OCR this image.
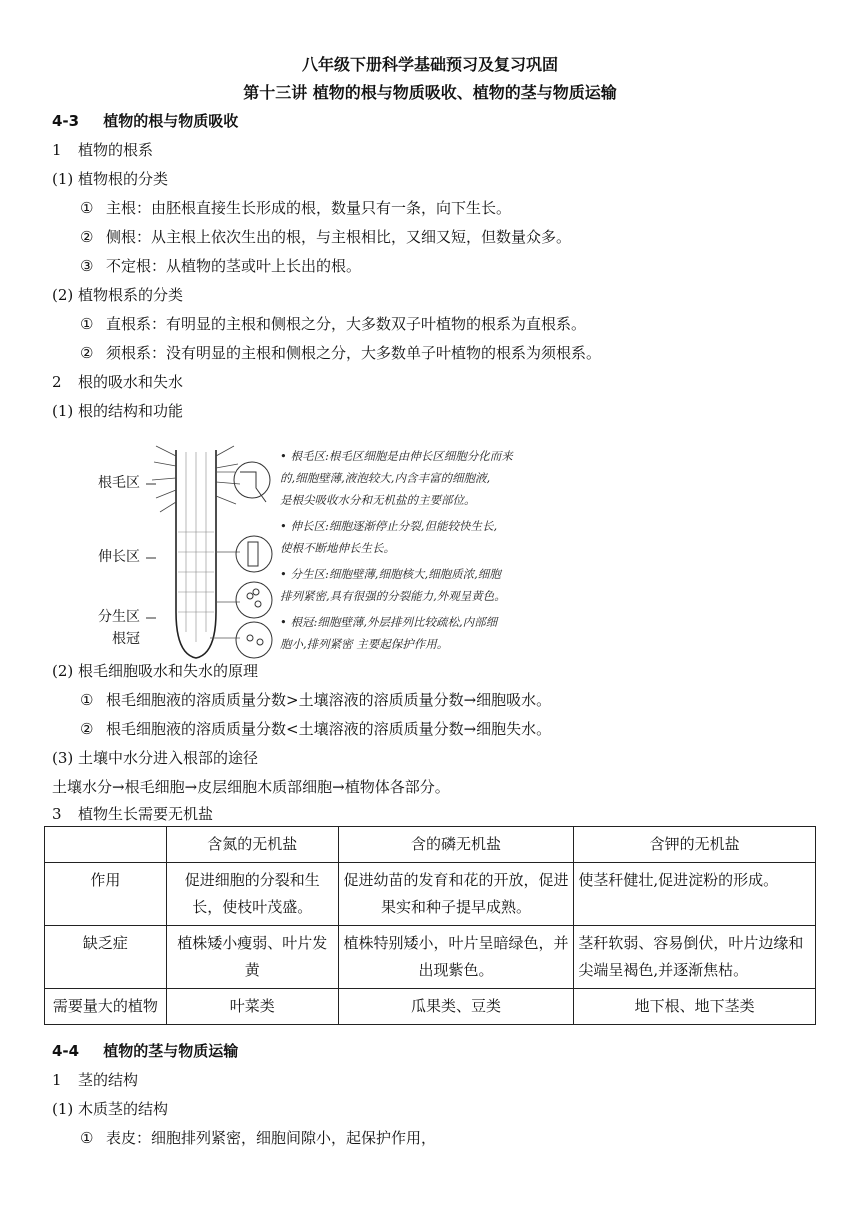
八年级下册科学基础预习及复习巩固
第十三讲 植物的根与物质吸收、植物的茎与物质运输
4-3 植物的根与物质吸收
1 植物的根系
(1) 植物根的分类
① 主根：由胚根直接生长形成的根，数量只有一条，向下生长。
② 侧根：从主根上依次生出的根，与主根相比，又细又短，但数量众多。
③ 不定根：从植物的茎或叶上长出的根。
(2) 植物根系的分类
① 直根系：有明显的主根和侧根之分，大多数双子叶植物的根系为直根系。
② 须根系：没有明显的主根和侧根之分，大多数单子叶植物的根系为须根系。
2 根的吸水和失水
(1) 根的结构和功能
根毛区
伸长区
分生区
根冠
• 根毛区:根毛区细胞是由伸长区细胞分化而来
的,细胞壁薄,液泡较大,内含丰富的细胞液,
是根尖吸收水分和无机盐的主要部位。
• 伸长区:细胞逐渐停止分裂,但能较快生长,
使根不断地伸长生长。
• 分生区:细胞壁薄,细胞核大,细胞质浓,细胞
排列紧密,具有很强的分裂能力,外观呈黄色。
• 根冠:细胞壁薄,外层排列比较疏松,内部细
胞小,排列紧密 主要起保护作用。
(2) 根毛细胞吸水和失水的原理
① 根毛细胞液的溶质质量分数>土壤溶液的溶质质量分数→细胞吸水。
② 根毛细胞液的溶质质量分数<土壤溶液的溶质质量分数→细胞失水。
(3) 土壤中水分进入根部的途径
土壤水分→根毛细胞→皮层细胞木质部细胞→植物体各部分。
3 植物生长需要无机盐
	含氮的无机盐	含的磷无机盐	含钾的无机盐
作用	促进细胞的分裂和生长，使枝叶茂盛。	促进幼苗的发育和花的开放，促进果实和种子提早成熟。	使茎秆健壮,促进淀粉的形成。
缺乏症	植株矮小瘦弱、叶片发黄	植株特别矮小，叶片呈暗绿色，并出现紫色。	茎秆软弱、容易倒伏，叶片边缘和尖端呈褐色,并逐渐焦枯。
需要量大的植物	叶菜类	瓜果类、豆类	地下根、地下茎类
4-4 植物的茎与物质运输
1 茎的结构
(1) 木质茎的结构
① 表皮：细胞排列紧密，细胞间隙小，起保护作用，
